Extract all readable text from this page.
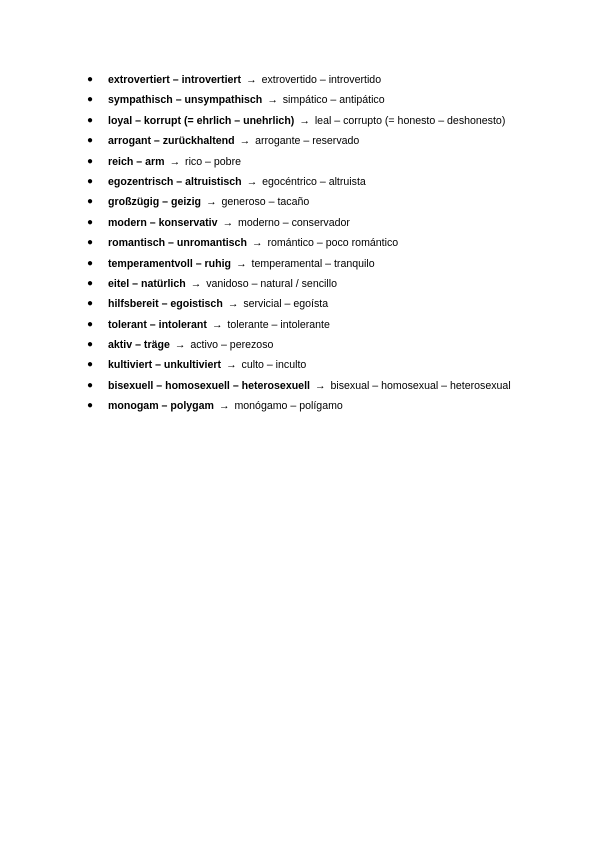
● extrovertiert – introvertiert → extrovertido – introvertido
● sympathisch – unsympathisch → simpático – antipático
● loyal – korrupt (= ehrlich – unehrlich) → leal – corrupto (= honesto – deshonesto)
● arrogant – zurückhaltend → arrogante – reservado
● reich – arm → rico – pobre
● egozentrisch – altruistisch → egocéntrico – altruista
● großzügig – geizig → generoso – tacaño
● modern – konservativ → moderno – conservador
● romantisch – unromantisch → romántico – poco romántico
● temperamentvoll – ruhig → temperamental – tranquilo
● eitel – natürlich → vanidoso – natural / sencillo
● hilfsbereit – egoistisch → servicial – egoísta
● tolerant – intolerant → tolerante – intolerante
● aktiv – träge → activo – perezoso
● kultiviert – unkultiviert → culto – inculto
● bisexuell – homosexuell – heterosexuell → bisexual – homosexual – heterosexual
● monogam – polygam → monógamo – polígamo
